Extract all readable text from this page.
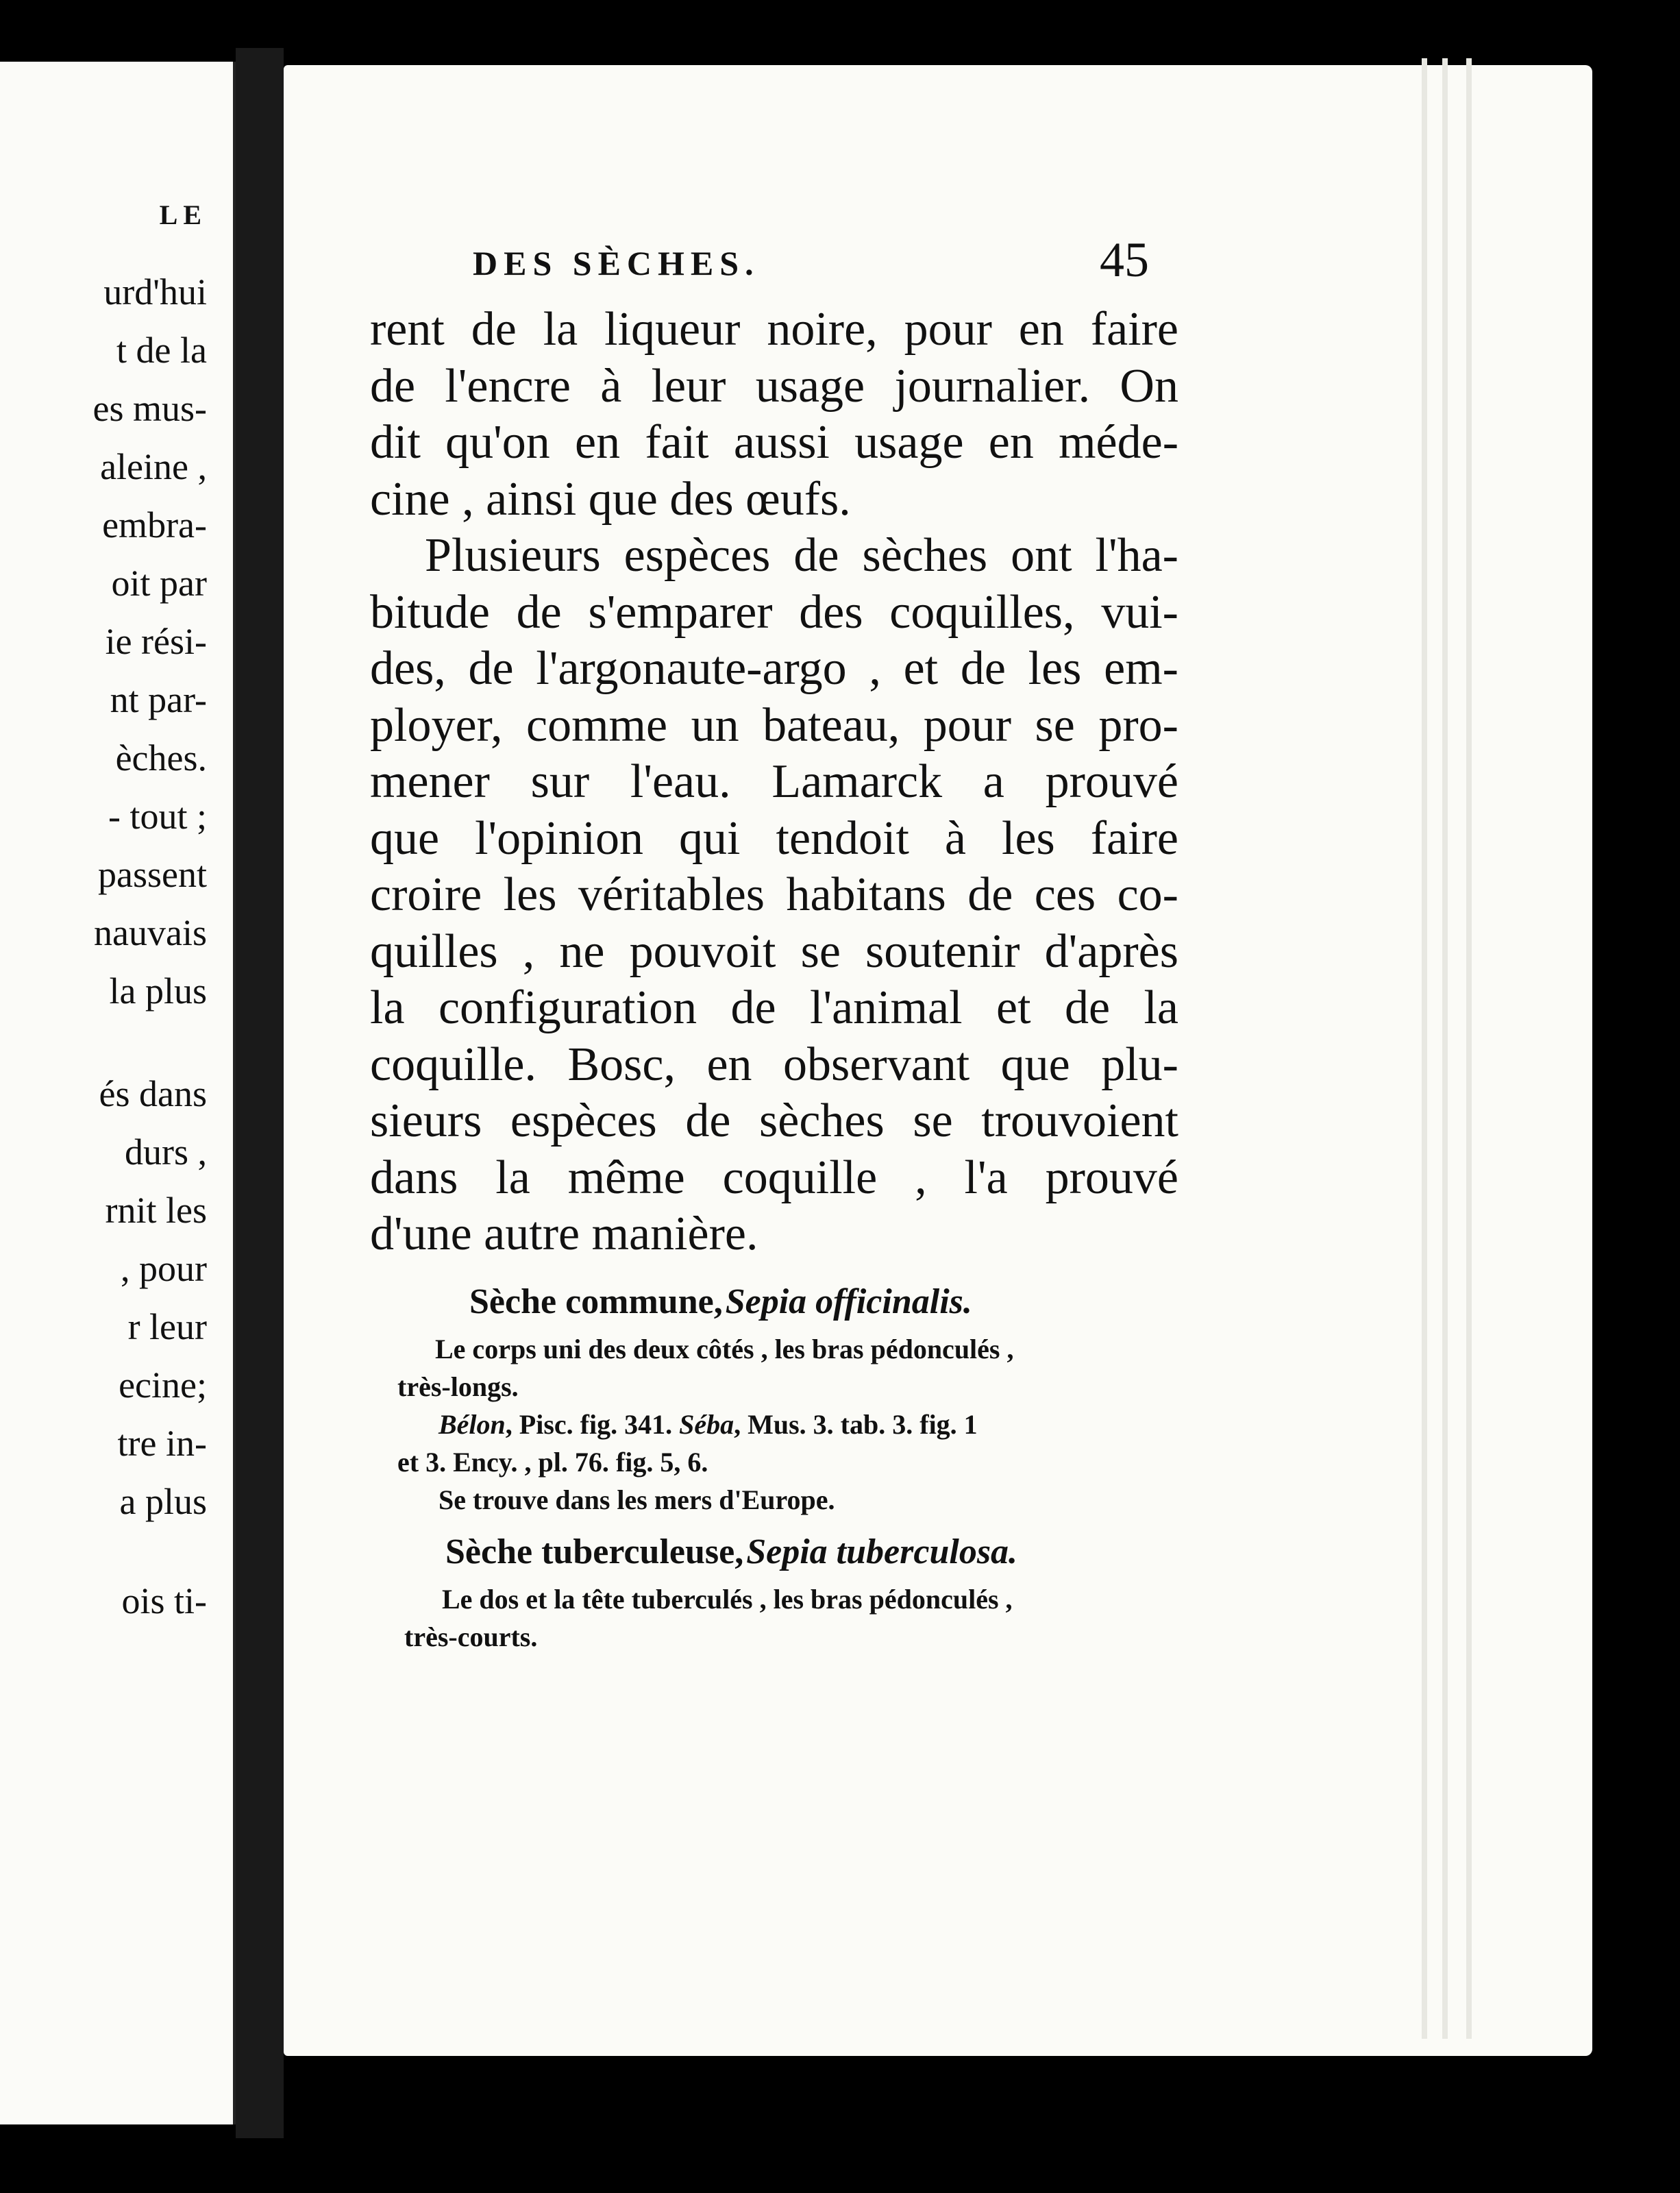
LE
urd'hui
t de la
es mus-
aleine ,
embra-
oit par
ie rési-
nt par-
èches.
- tout ;
passent
nauvais
la plus
és dans
durs ,
rnit les
, pour
r leur
ecine;
tre in-
a plus
ois ti-
DES SÈCHES.	45
rent de la liqueur noire, pour en faire
de l'encre à leur usage journalier. On
dit qu'on en fait aussi usage en méde-
cine , ainsi que des œufs.
Plusieurs espèces de sèches ont l'ha-
bitude de s'emparer des coquilles, vui-
des, de l'argonaute-argo , et de les em-
ployer, comme un bateau, pour se pro-
mener sur l'eau. Lamarck a prouvé
que l'opinion qui tendoit à les faire
croire les véritables habitans de ces co-
quilles , ne pouvoit se soutenir d'après
la configuration de l'animal et de la
coquille. Bosc, en observant que plu-
sieurs espèces de sèches se trouvoient
dans la même coquille , l'a prouvé
d'une autre manière.
Sèche commune, Sepia officinalis.
Le corps uni des deux côtés , les bras pédonculés ,
très-longs.
Bélon, Pisc. fig. 341. Séba, Mus. 3. tab. 3. fig. 1
et 3. Ency. , pl. 76. fig. 5, 6.
Se trouve dans les mers d'Europe.
Sèche tuberculeuse, Sepia tuberculosa.
Le dos et la tête tuberculés , les bras pédonculés ,
très-courts.
